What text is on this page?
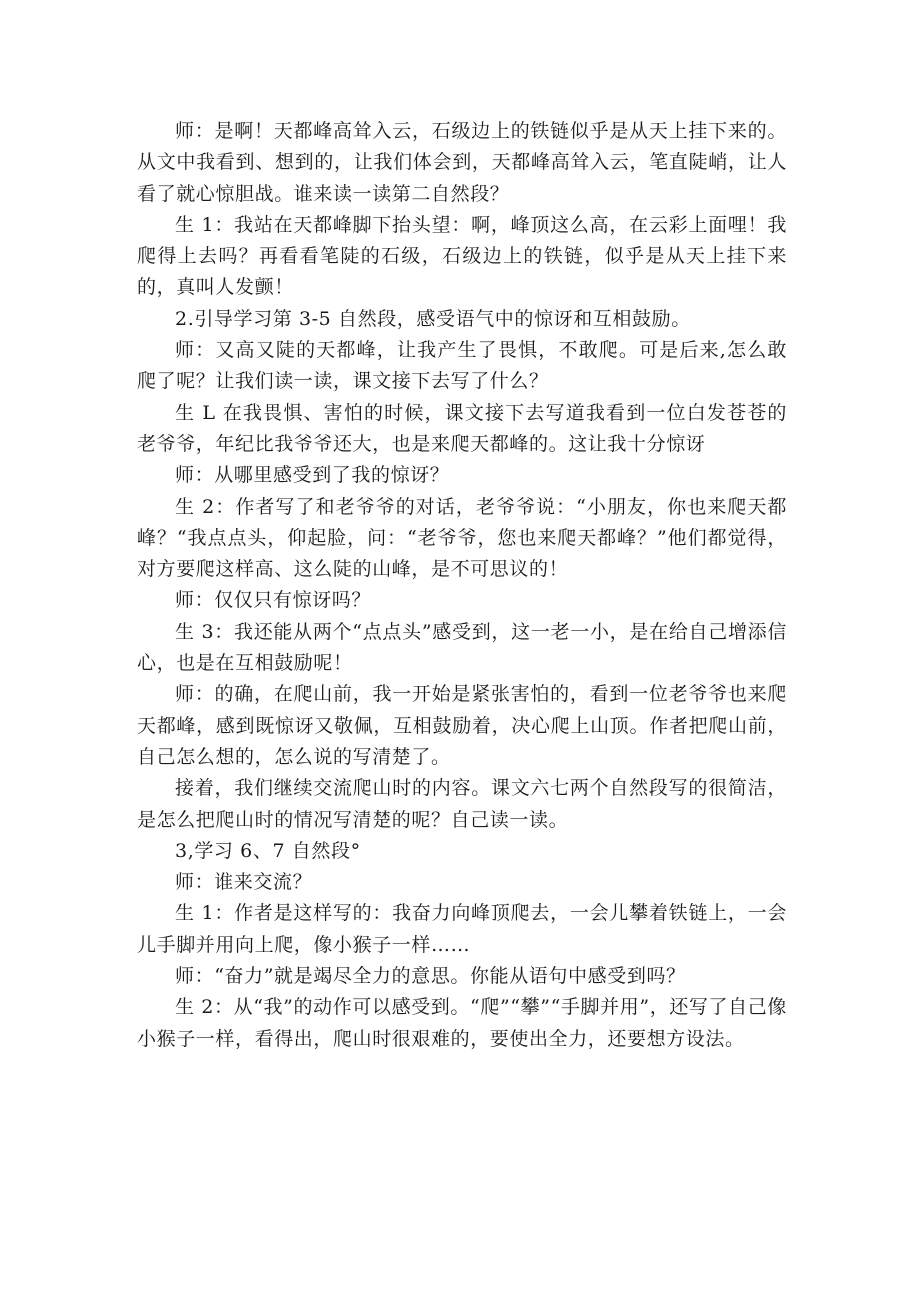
师：是啊！天都峰高耸入云，石级边上的铁链似乎是从天上挂下来的。从文中我看到、想到的，让我们体会到，天都峰高耸入云，笔直陡峭，让人看了就心惊胆战。谁来读一读第二自然段？

生 1：我站在天都峰脚下抬头望：啊，峰顶这么高，在云彩上面哩！我爬得上去吗？再看看笔陡的石级，石级边上的铁链，似乎是从天上挂下来的，真叫人发颤！

2.引导学习第 3-5 自然段，感受语气中的惊讶和互相鼓励。

师：又高又陡的天都峰，让我产生了畏惧，不敢爬。可是后来,怎么敢爬了呢？让我们读一读，课文接下去写了什么？

生 L 在我畏惧、害怕的时候，课文接下去写道我看到一位白发苍苍的老爷爷，年纪比我爷爷还大，也是来爬天都峰的。这让我十分惊讶

师：从哪里感受到了我的惊讶？

生 2：作者写了和老爷爷的对话，老爷爷说：“小朋友，你也来爬天都峰？“我点点头，仰起脸，问：“老爷爷，您也来爬天都峰？”他们都觉得，对方要爬这样高、这么陡的山峰，是不可思议的！

师：仅仅只有惊讶吗？

生 3：我还能从两个“点点头”感受到，这一老一小，是在给自己增添信心，也是在互相鼓励呢！

师：的确，在爬山前，我一开始是紧张害怕的，看到一位老爷爷也来爬天都峰，感到既惊讶又敬佩，互相鼓励着，决心爬上山顶。作者把爬山前，自己怎么想的，怎么说的写清楚了。

接着，我们继续交流爬山时的内容。课文六七两个自然段写的很简洁，是怎么把爬山时的情况写清楚的呢？自己读一读。

3,学习 6、7 自然段°

师：谁来交流？

生 1：作者是这样写的：我奋力向峰顶爬去，一会儿攀着铁链上，一会儿手脚并用向上爬，像小猴子一样……

师：“奋力”就是竭尽全力的意思。你能从语句中感受到吗？

生 2：从“我”的动作可以感受到。“爬”“攀”“手脚并用”，还写了自己像小猴子一样，看得出，爬山时很艰难的，要使出全力，还要想方设法。
